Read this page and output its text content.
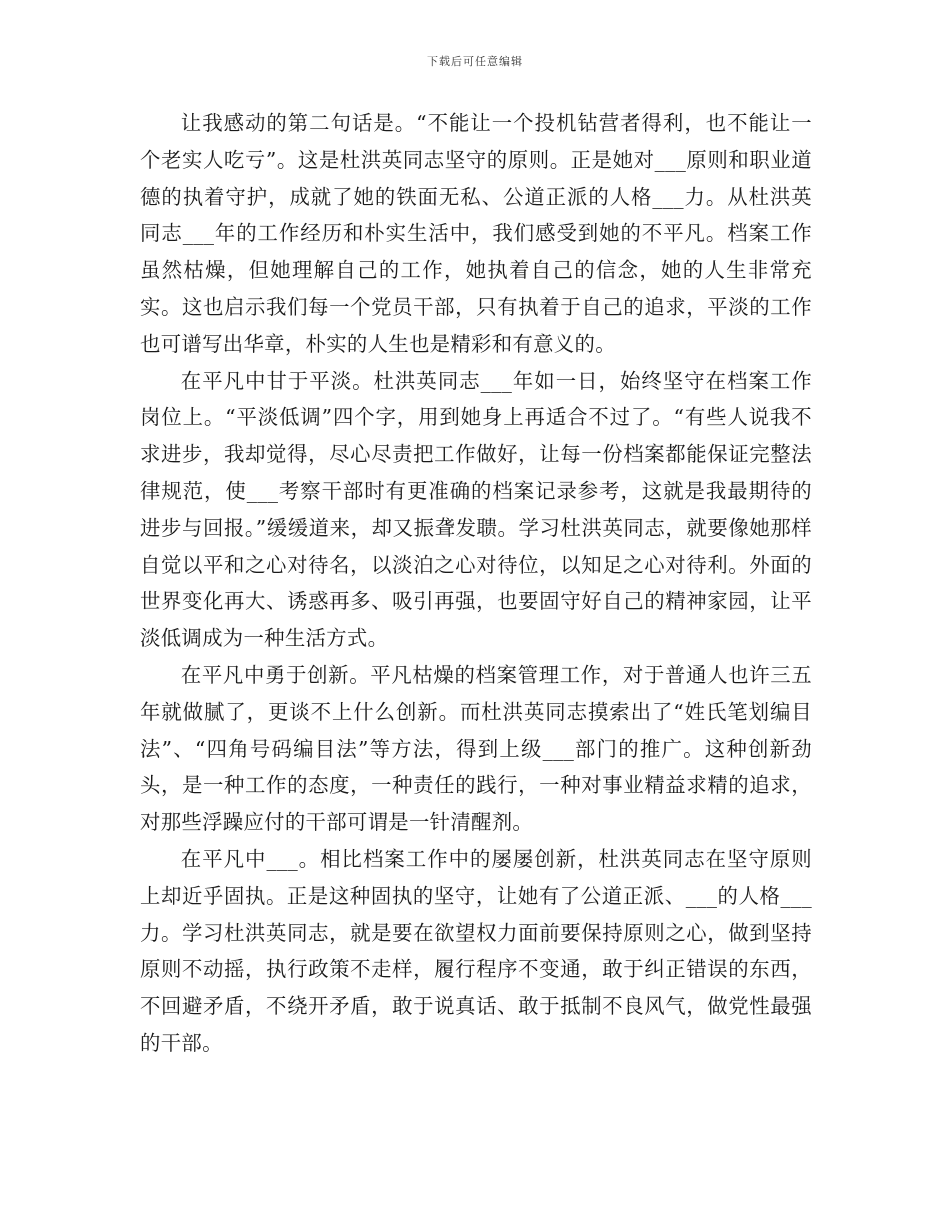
下载后可任意编辑

让我感动的第二句话是。“不能让一个投机钻营者得利，也不能让一个老实人吃亏”。这是杜洪英同志坚守的原则。正是她对___原则和职业道德的执着守护，成就了她的铁面无私、公道正派的人格___力。从杜洪英同志___年的工作经历和朴实生活中，我们感受到她的不平凡。档案工作虽然枯燥，但她理解自己的工作，她执着自己的信念，她的人生非常充实。这也启示我们每一个党员干部，只有执着于自己的追求，平淡的工作也可谱写出华章，朴实的人生也是精彩和有意义的。

在平凡中甘于平淡。杜洪英同志___年如一日，始终坚守在档案工作岗位上。“平淡低调”四个字，用到她身上再适合不过了。“有些人说我不求进步，我却觉得，尽心尽责把工作做好，让每一份档案都能保证完整法律规范，使___考察干部时有更准确的档案记录参考，这就是我最期待的进步与回报。”缓缓道来，却又振聋发聩。学习杜洪英同志，就要像她那样自觉以平和之心对待名，以淡泊之心对待位，以知足之心对待利。外面的世界变化再大、诱惑再多、吸引再强，也要固守好自己的精神家园，让平淡低调成为一种生活方式。

在平凡中勇于创新。平凡枯燥的档案管理工作，对于普通人也许三五年就做腻了，更谈不上什么创新。而杜洪英同志摸索出了“姓氏笔划编目法”、“四角号码编目法”等方法，得到上级___部门的推广。这种创新劲头，是一种工作的态度，一种责任的践行，一种对事业精益求精的追求，对那些浮躁应付的干部可谓是一针清醒剂。

在平凡中___。相比档案工作中的屡屡创新，杜洪英同志在坚守原则上却近乎固执。正是这种固执的坚守，让她有了公道正派、___的人格___力。学习杜洪英同志，就是要在欲望权力面前要保持原则之心，做到坚持原则不动摇，执行政策不走样，履行程序不变通，敢于纠正错误的东西，不回避矛盾，不绕开矛盾，敢于说真话、敢于抵制不良风气，做党性最强的干部。
